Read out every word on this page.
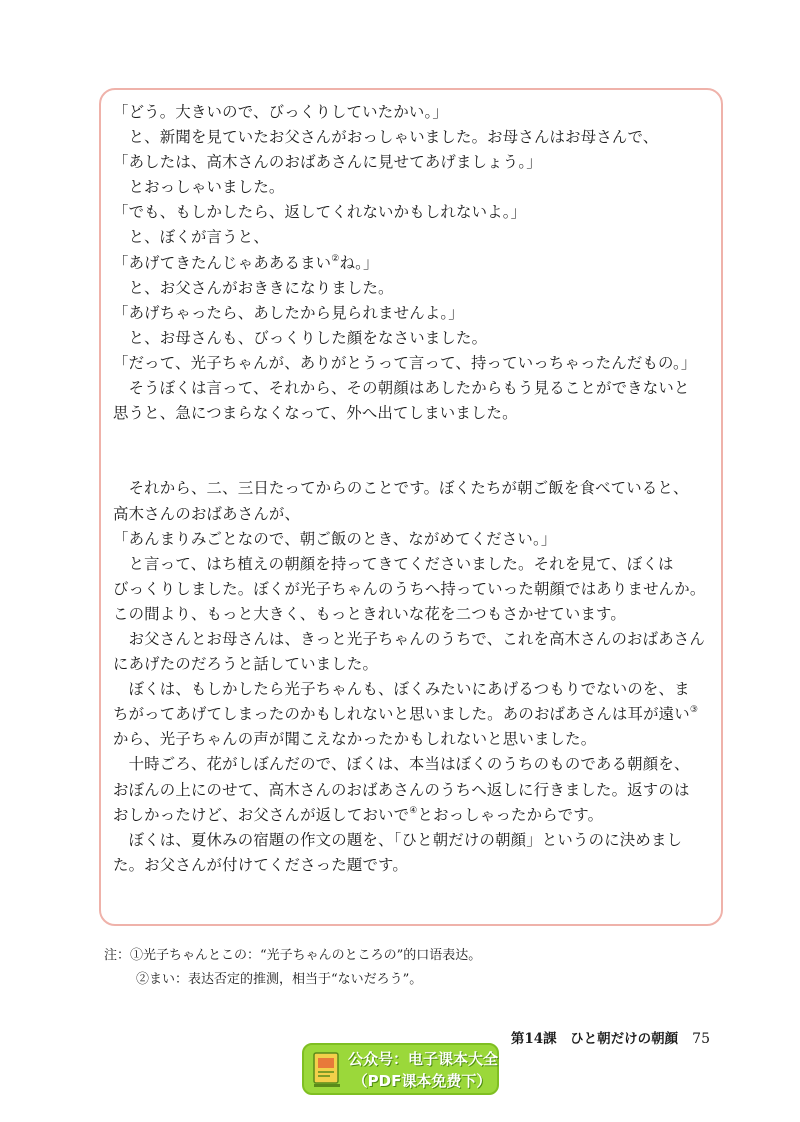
「どう。大きいので、びっくりしていたかい。」

　と、新聞を見ていたお父さんがおっしゃいました。お母さんはお母さんで、

「あしたは、高木さんのおばあさんに見せてあげましょう。」

　とおっしゃいました。

「でも、もしかしたら、返してくれないかもしれないよ。」

　と、ぼくが言うと、

「あげてきたんじゃああるまい②ね。」

　と、お父さんがおききになりました。

「あげちゃったら、あしたから見られませんよ。」

　と、お母さんも、びっくりした顔をなさいました。

「だって、光子ちゃんが、ありがとうって言って、持っていっちゃったんだもの。」

　そうぼくは言って、それから、その朝顔はあしたからもう見ることができないと

思うと、急につまらなくなって、外へ出てしまいました。

　それから、二、三日たってからのことです。ぼくたちが朝ご飯を食べていると、

高木さんのおばあさんが、

「あんまりみごとなので、朝ご飯のとき、ながめてください。」

　と言って、はち植えの朝顔を持ってきてくださいました。それを見て、ぼくは

びっくりしました。ぼくが光子ちゃんのうちへ持っていった朝顔ではありませんか。

この間より、もっと大きく、もっときれいな花を二つもさかせています。

　お父さんとお母さんは、きっと光子ちゃんのうちで、これを高木さんのおばあさん

にあげたのだろうと話していました。

　ぼくは、もしかしたら光子ちゃんも、ぼくみたいにあげるつもりでないのを、ま

ちがってあげてしまったのかもしれないと思いました。あのおばあさんは耳が遠い③

から、光子ちゃんの声が聞こえなかったかもしれないと思いました。

　十時ごろ、花がしぼんだので、ぼくは、本当はぼくのうちのものである朝顔を、

おぼんの上にのせて、高木さんのおばあさんのうちへ返しに行きました。返すのは

おしかったけど、お父さんが返しておいで④とおっしゃったからです。

　ぼくは、夏休みの宿題の作文の題を、「ひと朝だけの朝顔」というのに決めまし

た。お父さんが付けてくださった題です。

注：①光子ちゃんとこの：“光子ちゃんのところの”的口语表达。

②まい：表达否定的推测，相当于“ないだろう”。

第14課　ひと朝だけの朝顔 75
公众号：电子课本大全
（PDF课本免费下）
